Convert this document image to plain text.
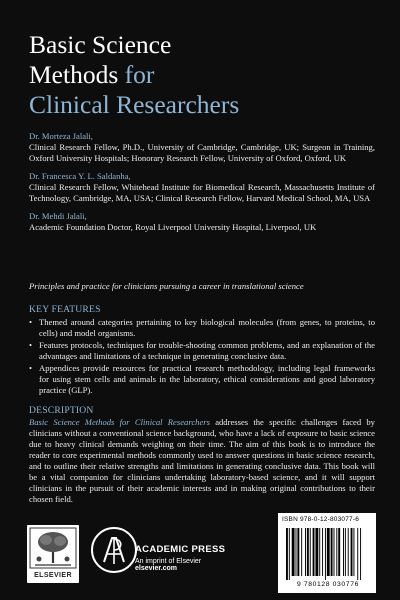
Basic Science
Methods for
Clinical Researchers
Dr. Morteza Jalali,
Clinical Research Fellow, Ph.D., University of Cambridge, Cambridge, UK; Surgeon in Training, Oxford University Hospitals; Honorary Research Fellow, University of Oxford, Oxford, UK
Dr. Francesca Y. L. Saldanha,
Clinical Research Fellow, Whitehead Institute for Biomedical Research, Massachusetts Institute of Technology, Cambridge, MA, USA; Clinical Research Fellow, Harvard Medical School, MA, USA
Dr. Mehdi Jalali,
Academic Foundation Doctor, Royal Liverpool University Hospital, Liverpool, UK
Principles and practice for clinicians pursuing a career in translational science
KEY FEATURES
• Themed around categories pertaining to key biological molecules (from genes, to proteins, to cells) and model organisms.
• Features protocols, techniques for trouble-shooting common problems, and an explanation of the advantages and limitations of a technique in generating conclusive data.
• Appendices provide resources for practical research methodology, including legal frameworks for using stem cells and animals in the laboratory, ethical considerations and good laboratory practice (GLP).
DESCRIPTION
Basic Science Methods for Clinical Researchers addresses the specific challenges faced by clinicians without a conventional science background, who have a lack of exposure to basic science due to heavy clinical demands weighing on their time. The aim of this book is to introduce the reader to core experimental methods commonly used to answer questions in basic science research, and to outline their relative strengths and limitations in generating conclusive data. This book will be a vital companion for clinicians undertaking laboratory-based science, and it will support clinicians in the pursuit of their academic interests and in making original contributions to their chosen field.
ELSEVIER
ACADEMIC PRESS
An imprint of Elsevier
elsevier.com
ISBN 978-0-12-803077-6
9 780128 030776
